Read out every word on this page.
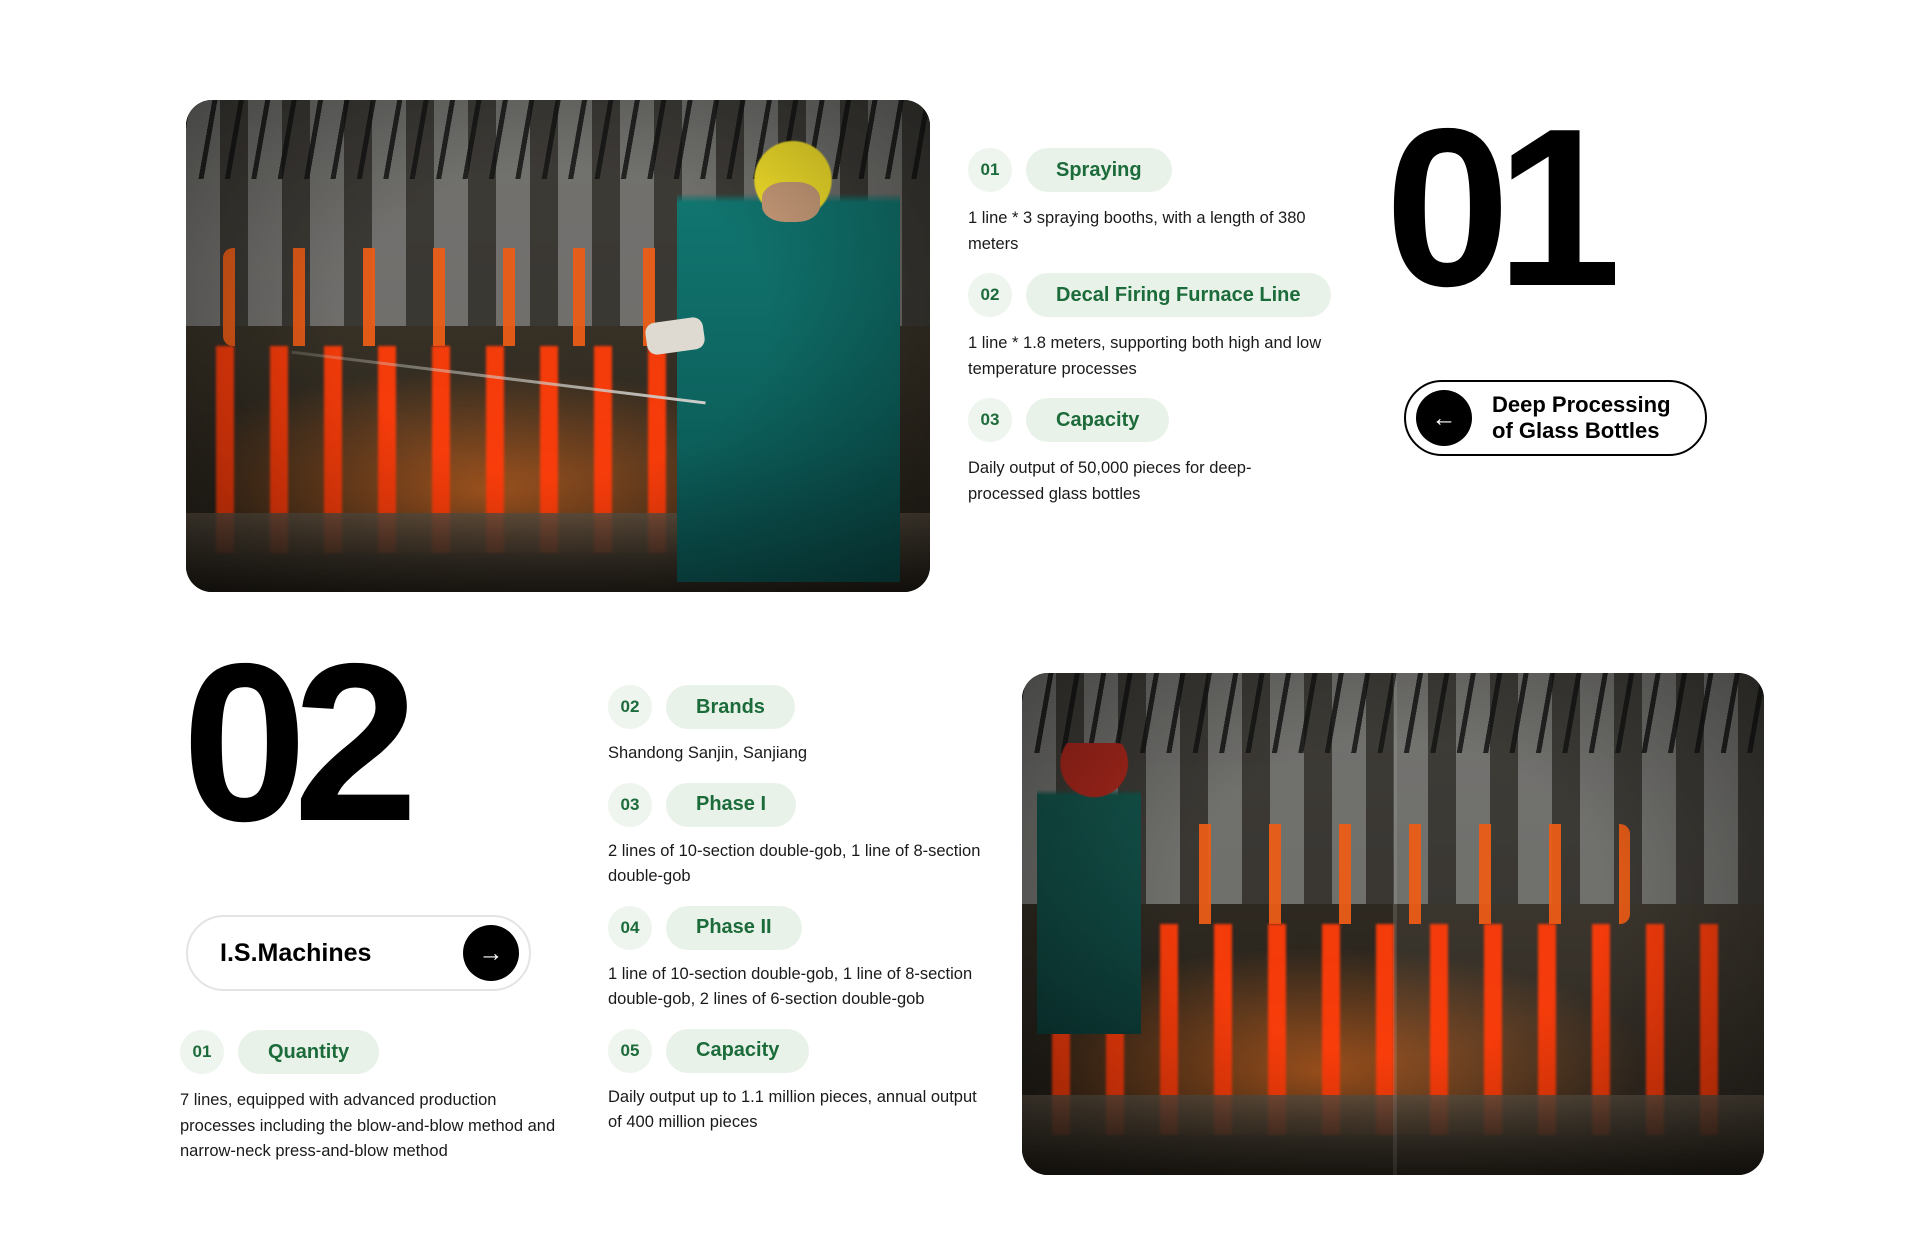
01	Spraying
1 line * 3 spraying booths, with a length of 380 meters
02	Decal Firing Furnace Line
1 line * 1.8 meters, supporting both high and low temperature processes
03	Capacity
Daily output of 50,000 pieces for deep-processed glass bottles
01
← Deep Processing
of Glass Bottles
02
I.S.Machines	→
01	Quantity
7 lines, equipped with advanced production processes including the blow-and-blow method and narrow-neck press-and-blow method
02	Brands
Shandong Sanjin, Sanjiang
03	Phase I
2 lines of 10-section double-gob, 1 line of 8-section double-gob
04	Phase II
1 line of 10-section double-gob, 1 line of 8-section double-gob, 2 lines of 6-section double-gob
05	Capacity
Daily output up to 1.1 million pieces, annual output of 400 million pieces
